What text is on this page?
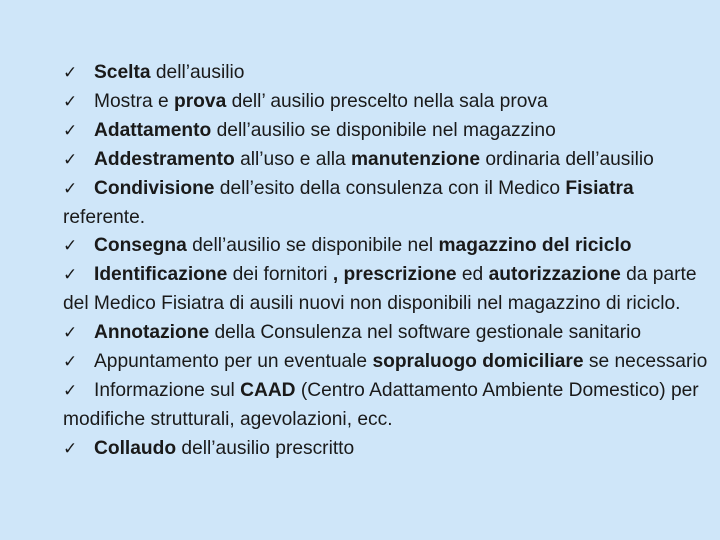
✓ Scelta dell’ausilio
✓ Mostra e prova dell’ ausilio prescelto nella sala prova
✓ Adattamento dell’ausilio se disponibile nel magazzino
✓ Addestramento all’uso e alla manutenzione ordinaria dell’ausilio
✓ Condivisione dell’esito della consulenza con il Medico Fisiatra referente.
✓ Consegna dell’ausilio se disponibile nel magazzino del riciclo
✓ Identificazione dei fornitori , prescrizione ed autorizzazione da parte del Medico Fisiatra di ausili nuovi non disponibili nel magazzino di riciclo.
✓ Annotazione della Consulenza nel software gestionale sanitario
✓ Appuntamento per un eventuale sopraluogo domiciliare se necessario
✓ Informazione sul CAAD (Centro Adattamento Ambiente Domestico) per modifiche strutturali, agevolazioni, ecc.
✓ Collaudo dell’ausilio prescritto
